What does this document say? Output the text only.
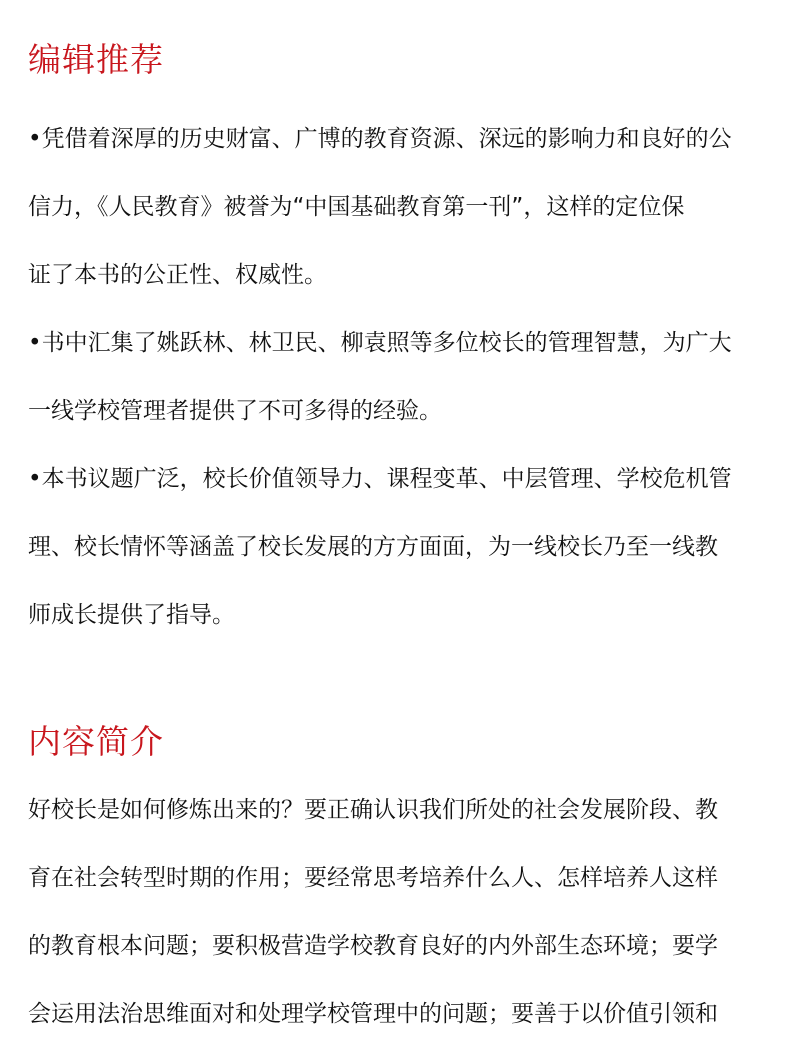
编辑推荐
•凭借着深厚的历史财富、广博的教育资源、深远的影响力和良好的公
信力，《人民教育》被誉为“中国基础教育第一刊”，这样的定位保
证了本书的公正性、权威性。
•书中汇集了姚跃林、林卫民、柳袁照等多位校长的管理智慧，为广大
一线学校管理者提供了不可多得的经验。
•本书议题广泛，校长价值领导力、课程变革、中层管理、学校危机管
理、校长情怀等涵盖了校长发展的方方面面，为一线校长乃至一线教
师成长提供了指导。
内容简介
好校长是如何修炼出来的？要正确认识我们所处的社会发展阶段、教
育在社会转型时期的作用；要经常思考培养什么人、怎样培养人这样
的教育根本问题；要积极营造学校教育良好的内外部生态环境；要学
会运用法治思维面对和处理学校管理中的问题；要善于以价值引领和
